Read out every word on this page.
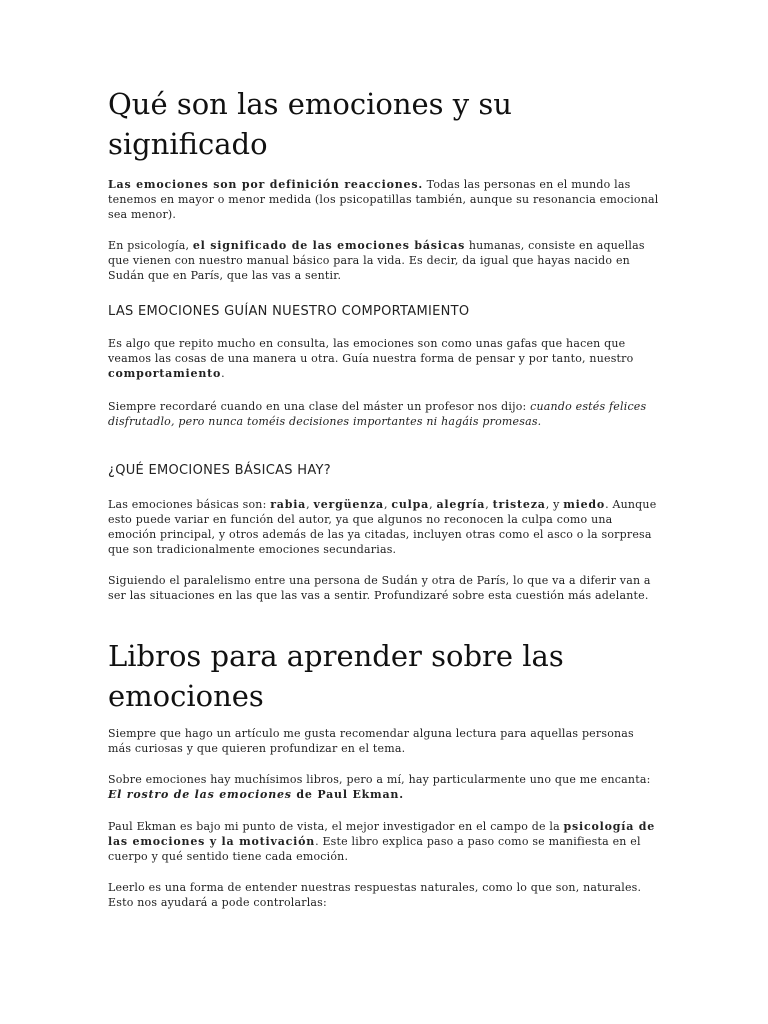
Qué son las emociones y su significado

Las emociones son por definición reacciones. Todas las personas en el mundo las tenemos en mayor o menor medida (los psicopatillas también, aunque su resonancia emocional sea menor).

En psicología, el significado de las emociones básicas humanas, consiste en aquellas que vienen con nuestro manual básico para la vida. Es decir, da igual que hayas nacido en Sudán que en París, que las vas a sentir.

LAS EMOCIONES GUÍAN NUESTRO COMPORTAMIENTO

Es algo que repito mucho en consulta, las emociones son como unas gafas que hacen que veamos las cosas de una manera u otra. Guía nuestra forma de pensar y por tanto, nuestro comportamiento.

Siempre recordaré cuando en una clase del máster un profesor nos dijo: cuando estés felices disfrutadlo, pero nunca toméis decisiones importantes ni hagáis promesas.

¿QUÉ EMOCIONES BÁSICAS HAY?

Las emociones básicas son: rabia, vergüenza, culpa, alegría, tristeza, y miedo. Aunque esto puede variar en función del autor, ya que algunos no reconocen la culpa como una emoción principal, y otros además de las ya citadas, incluyen otras como el asco o la sorpresa que son tradicionalmente emociones secundarias.

Siguiendo el paralelismo entre una persona de Sudán y otra de París, lo que va a diferir van a ser las situaciones en las que las vas a sentir. Profundizaré sobre esta cuestión más adelante.

Libros para aprender sobre las emociones

Siempre que hago un artículo me gusta recomendar alguna lectura para aquellas personas más curiosas y que quieren profundizar en el tema.

Sobre emociones hay muchísimos libros, pero a mí, hay particularmente uno que me encanta: El rostro de las emociones de Paul Ekman.

Paul Ekman es bajo mi punto de vista, el mejor investigador en el campo de la psicología de las emociones y la motivación. Este libro explica paso a paso como se manifiesta en el cuerpo y qué sentido tiene cada emoción.

Leerlo es una forma de entender nuestras respuestas naturales, como lo que son, naturales. Esto nos ayudará a pode controlarlas:
